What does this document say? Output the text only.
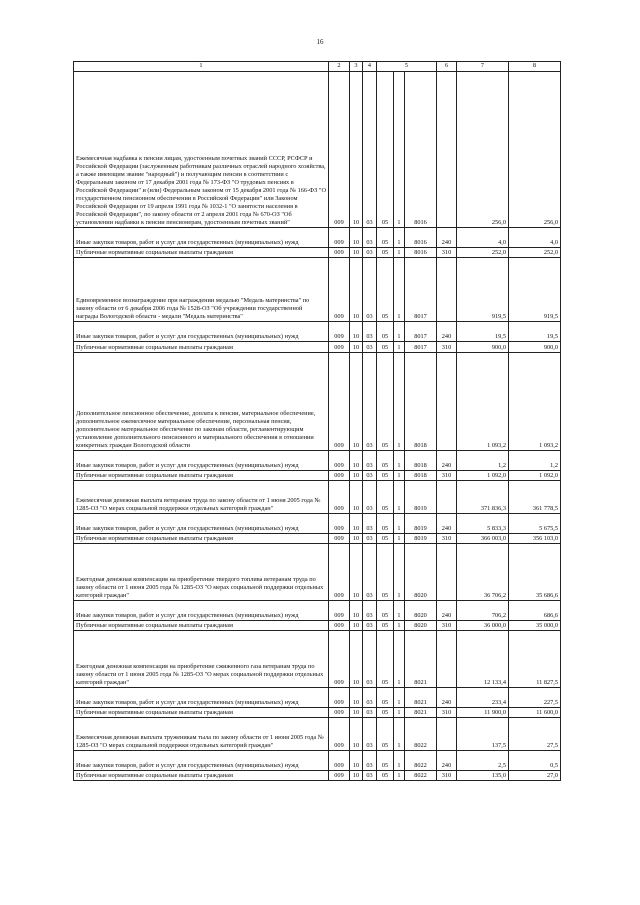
16
1	2	3	4	5			6	7	8
Ежемесячная надбавка к пенсии лицам, удостоенным почетных званий СССР, РСФСР и Российской Федерации (заслуженным работникам различных отраслей народного хозяйства, а также имеющим звание "народный") и получающим пенсии в соответствии с Федеральным законом от 17 декабря 2001 года № 173-ФЗ "О трудовых пенсиях в Российской Федерации" и (или) Федеральным законом от 15 декабря 2001 года № 166-ФЗ "О государственном пенсионном обеспечении в Российской Федерации" или Законом Российской Федерации от 19 апреля 1991 года № 1032-1 "О занятости населения в Российской Федерации", по закону области от 2 апреля 2001 года № 670-ОЗ "Об установлении надбавки к пенсии пенсионерам, удостоенным почетных званий"	009	10	03	05	1	8016		256,0	256,0
Иные закупки товаров, работ и услуг для государственных (муниципальных) нужд	009	10	03	05	1	8016	240	4,0	4,0
Публичные нормативные социальные выплаты гражданам	009	10	03	05	1	8016	310	252,0	252,0
Единовременное вознаграждение при награждении медалью "Медаль материнства" по закону области от 6 декабря 2006 года № 1528-ОЗ "Об учреждении государственной награды Вологодской области - медали "Медаль материнства"	009	10	03	05	1	8017		919,5	919,5
Иные закупки товаров, работ и услуг для государственных (муниципальных) нужд	009	10	03	05	1	8017	240	19,5	19,5
Публичные нормативные социальные выплаты гражданам	009	10	03	05	1	8017	310	900,0	900,0
Дополнительное пенсионное обеспечение, доплата к пенсии, материальное обеспечение, дополнительное ежемесячное материальное обеспечение, персональная пенсия, дополнительное материальное обеспечение по законам области, регламентирующим установление дополнительного пенсионного и материального обеспечения в отношении конкретных граждан Вологодской области	009	10	03	05	1	8018		1 093,2	1 093,2
Иные закупки товаров, работ и услуг для государственных (муниципальных) нужд	009	10	03	05	1	8018	240	1,2	1,2
Публичные нормативные социальные выплаты гражданам	009	10	03	05	1	8018	310	1 092,0	1 092,0
Ежемесячная денежная выплата ветеранам труда по закону области от 1 июня 2005 года № 1285-ОЗ "О мерах социальной поддержки отдельных категорий граждан"	009	10	03	05	1	8019		371 836,3	361 778,5
Иные закупки товаров, работ и услуг для государственных (муниципальных) нужд	009	10	03	05	1	8019	240	5 833,3	5 675,5
Публичные нормативные социальные выплаты гражданам	009	10	03	05	1	8019	310	366 003,0	356 103,0
Ежегодная денежная компенсация на приобретение твердого топлива ветеранам труда по закону области от 1 июня 2005 года № 1285-ОЗ "О мерах социальной поддержки отдельных категорий граждан"	009	10	03	05	1	8020		36 706,2	35 686,6
Иные закупки товаров, работ и услуг для государственных (муниципальных) нужд	009	10	03	05	1	8020	240	706,2	686,6
Публичные нормативные социальные выплаты гражданам	009	10	03	05	1	8020	310	36 000,0	35 000,0
Ежегодная денежная компенсация на приобретение сжиженного газа ветеранам труда по закону области от 1 июня 2005 года № 1285-ОЗ "О мерах социальной поддержки отдельных категорий граждан"	009	10	03	05	1	8021		12 133,4	11 827,5
Иные закупки товаров, работ и услуг для государственных (муниципальных) нужд	009	10	03	05	1	8021	240	233,4	227,5
Публичные нормативные социальные выплаты гражданам	009	10	03	05	1	8021	310	11 900,0	11 600,0
Ежемесячная денежная выплата труженикам тыла по закону области от 1 июня 2005 года № 1285-ОЗ "О мерах социальной поддержки отдельных категорий граждан"	009	10	03	05	1	8022		137,5	27,5
Иные закупки товаров, работ и услуг для государственных (муниципальных) нужд	009	10	03	05	1	8022	240	2,5	0,5
Публичные нормативные социальные выплаты гражданам	009	10	03	05	1	8022	310	135,0	27,0
